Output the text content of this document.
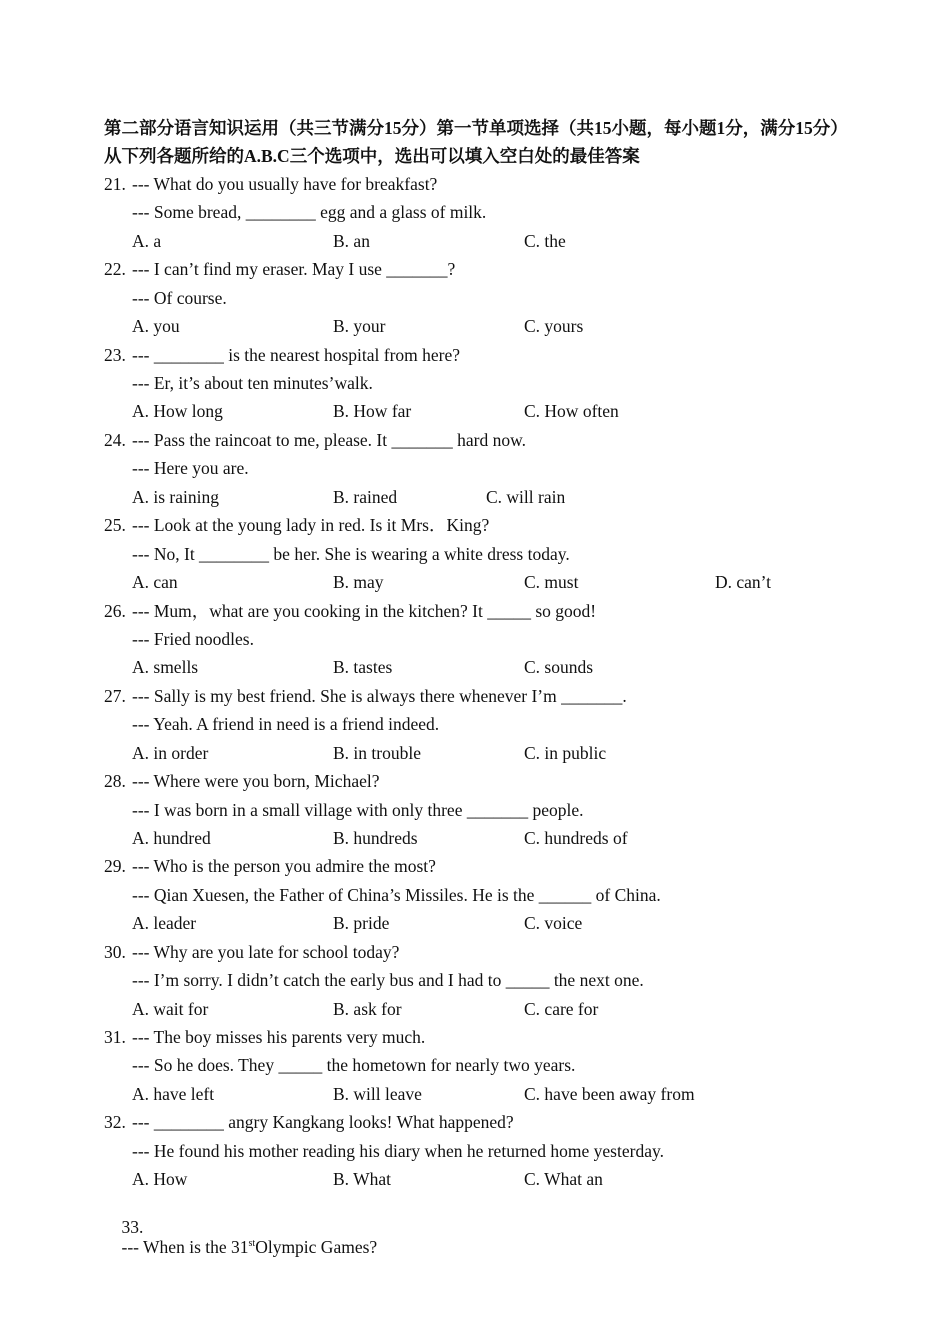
第二部分语言知识运用（共三节满分15分）第一节单项选择（共15小题，每小题1分，满分15分）从下列各题所给的A.B.C三个选项中，选出可以填入空白处的最佳答案
21. --- What do you usually have for breakfast?
--- Some bread, ________ egg and a glass of milk.
A. a	B. an	C. the
22. --- I can’t find my eraser. May I use _______?
--- Of course.
A. you	B. your	C. yours
23. --- ________ is the nearest hospital from here?
--- Er, it’s about ten minutes’walk.
A. How long	B. How far	C. How often
24. --- Pass the raincoat to me, please. It _______ hard now.
--- Here you are.
A. is raining	B. rained	C. will rain
25. --- Look at the young lady in red. Is it Mrs．King?
--- No, It ________ be her. She is wearing a white dress today.
A. can	B. may	C. must	D. can’t
26. --- Mum，what are you cooking in the kitchen? It _____ so good!
--- Fried noodles.
A. smells	B. tastes	C. sounds
27. --- Sally is my best friend. She is always there whenever I’m _______.
--- Yeah. A friend in need is a friend indeed.
A. in order	B. in trouble	C. in public
28. --- Where were you born, Michael?
--- I was born in a small village with only three _______ people.
A. hundred	B. hundreds	C. hundreds of
29. --- Who is the person you admire the most?
--- Qian Xuesen, the Father of China’s Missiles. He is the ______ of China.
A. leader	B. pride	C. voice
30. --- Why are you late for school today?
--- I’m sorry. I didn’t catch the early bus and I had to _____ the next one.
A. wait for	B. ask for	C. care for
31. --- The boy misses his parents very much.
--- So he does. They _____ the hometown for nearly two years.
A. have left	B. will leave	C. have been away from
32. --- ________ angry Kangkang looks! What happened?
--- He found his mother reading his diary when he returned home yesterday.
A. How	B. What	C. What an

33.
--- When is the 31stOlympic Games?
